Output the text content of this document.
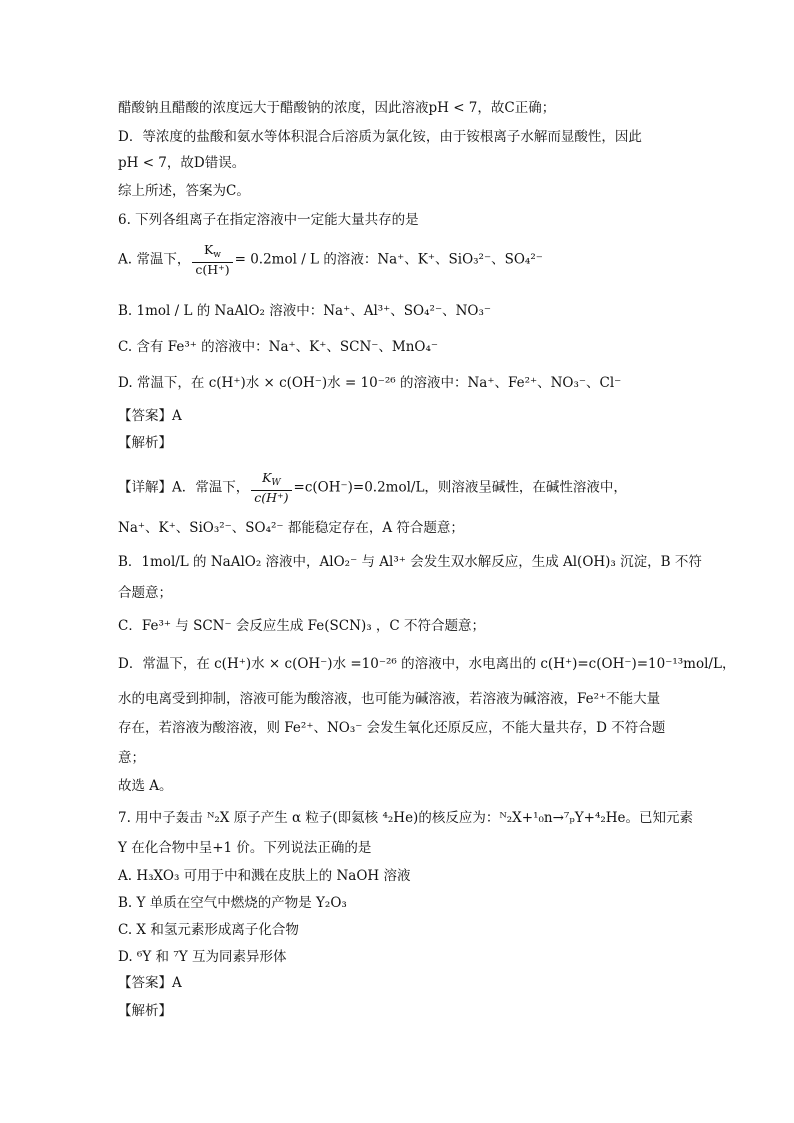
醋酸钠且醋酸的浓度远大于醋酸钠的浓度，因此溶液pH < 7，故C正确；
D．等浓度的盐酸和氨水等体积混合后溶质为氯化铵，由于铵根离子水解而显酸性，因此
pH < 7，故D错误。
综上所述，答案为C。
6. 下列各组离子在指定溶液中一定能大量共存的是
A. 常温下， $\frac{K_w}{c(H^+)} = 0.2mol / L$ 的溶液：Na⁺、K⁺、SiO₃²⁻、SO₄²⁻
B. 1mol / L 的 NaAlO₂ 溶液中：Na⁺、Al³⁺、SO₄²⁻、NO₃⁻
C. 含有 Fe³⁺ 的溶液中：Na⁺、K⁺、SCN⁻、MnO₄⁻
D. 常温下，在 c(H⁺)水 × c(OH⁻)水 = 10⁻²⁶ 的溶液中：Na⁺、Fe²⁺、NO₃⁻、Cl⁻
【答案】A
【解析】
【详解】A．常温下， $\frac{K_W}{c(H^+)} =c(OH^-)=0.2mol/L$，则溶液呈碱性，在碱性溶液中，
Na⁺、K⁺、SiO₃²⁻、SO₄²⁻ 都能稳定存在，A 符合题意；
B．1mol/L 的 NaAlO₂ 溶液中，AlO₂⁻ 与 Al³⁺ 会发生双水解反应，生成 Al(OH)₃ 沉淀，B 不符
合题意；
C．Fe³⁺ 与 SCN⁻ 会反应生成 Fe(SCN)₃ ，C 不符合题意；
D．常温下，在 c(H⁺)水 × c(OH⁻)水 =10⁻²⁶ 的溶液中，水电离出的 c(H⁺)=c(OH⁻)=10⁻¹³mol/L，
水的电离受到抑制，溶液可能为酸溶液，也可能为碱溶液，若溶液为碱溶液，Fe²⁺不能大量
存在，若溶液为酸溶液，则 Fe²⁺、NO₃⁻ 会发生氧化还原反应，不能大量共存，D 不符合题
意；
故选 A。
7. 用中子轰击 ᴺ₂X 原子产生 α 粒子(即氦核 ⁴₂He)的核反应为：ᴺ₂X+¹₀n→⁷ₚY+⁴₂He。已知元素
Y 在化合物中呈+1 价。下列说法正确的是
A. H₃XO₃ 可用于中和溅在皮肤上的 NaOH 溶液
B. Y 单质在空气中燃烧的产物是 Y₂O₃
C. X 和氢元素形成离子化合物
D. ⁶Y 和 ⁷Y 互为同素异形体
【答案】A
【解析】
